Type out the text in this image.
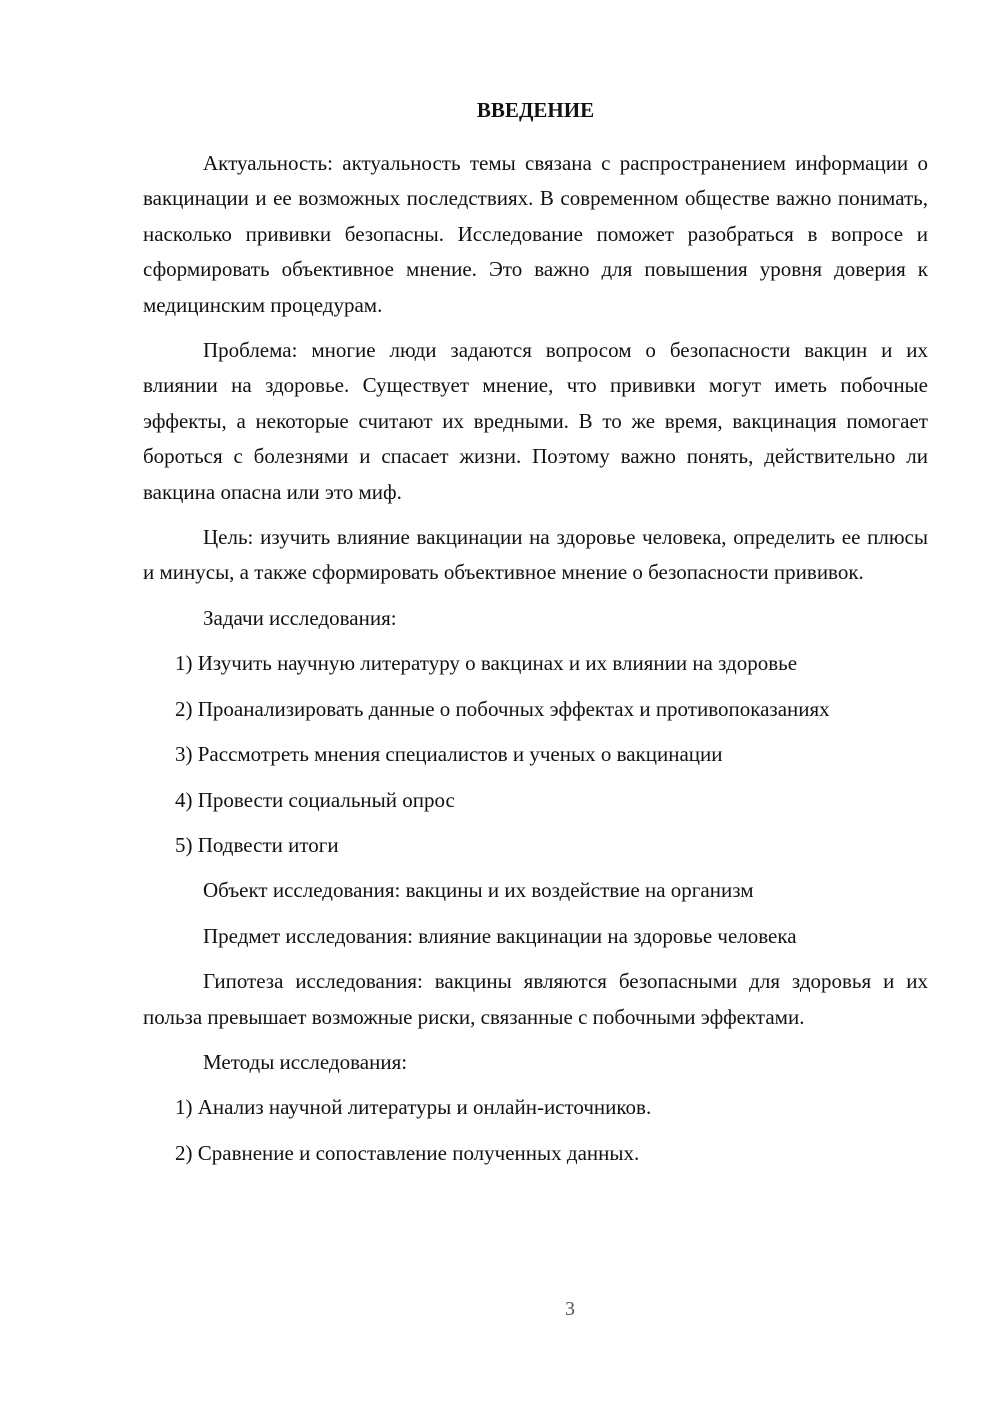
ВВЕДЕНИЕ

Актуальность: актуальность темы связана с распространением информации о вакцинации и ее возможных последствиях. В современном обществе важно понимать, насколько прививки безопасны. Исследование поможет разобраться в вопросе и сформировать объективное мнение. Это важно для повышения уровня доверия к медицинским процедурам.

Проблема: многие люди задаются вопросом о безопасности вакцин и их влиянии на здоровье. Существует мнение, что прививки могут иметь побочные эффекты, а некоторые считают их вредными. В то же время, вакцинация помогает бороться с болезнями и спасает жизни. Поэтому важно понять, действительно ли вакцина опасна или это миф.

Цель: изучить влияние вакцинации на здоровье человека, определить ее плюсы и минусы, а также сформировать объективное мнение о безопасности прививок.

Задачи исследования:

1) Изучить научную литературу о вакцинах и их влиянии на здоровье

2) Проанализировать данные о побочных эффектах и противопоказаниях

3) Рассмотреть мнения специалистов и ученых о вакцинации

4) Провести социальный опрос

5) Подвести итоги

Объект исследования: вакцины и их воздействие на организм

Предмет исследования: влияние вакцинации на здоровье человека

Гипотеза исследования: вакцины являются безопасными для здоровья и их польза превышает возможные риски, связанные с побочными эффектами.

Методы исследования:

1) Анализ научной литературы и онлайн-источников.

2) Сравнение и сопоставление полученных данных.

3
